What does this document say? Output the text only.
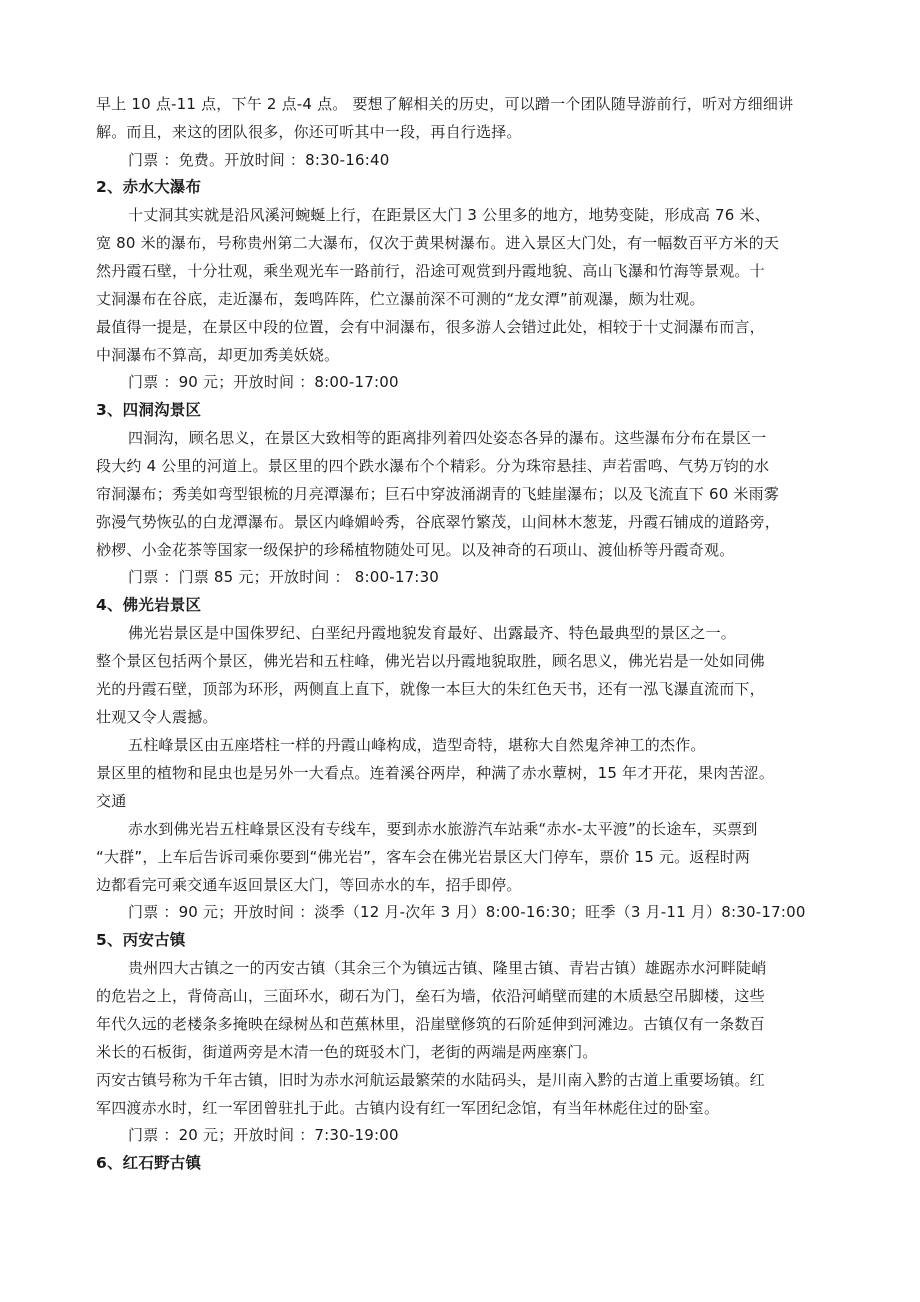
早上 10 点-11 点，下午 2 点-4 点。 要想了解相关的历史，可以蹭一个团队随导游前行，听对方细细讲

解。而且，来这的团队很多，你还可听其中一段，再自行选择。

门票 ：免费。开放时间 ：8:30-16:40

2、赤水大瀑布

十丈洞其实就是沿风溪河蜿蜒上行，在距景区大门 3 公里多的地方，地势变陡，形成高 76 米、

宽 80 米的瀑布，号称贵州第二大瀑布，仅次于黄果树瀑布。进入景区大门处，有一幅数百平方米的天

然丹霞石壁，十分壮观，乘坐观光车一路前行，沿途可观赏到丹霞地貌、高山飞瀑和竹海等景观。十

丈洞瀑布在谷底，走近瀑布，轰鸣阵阵，伫立瀑前深不可测的“龙女潭”前观瀑，颇为壮观。

最值得一提是，在景区中段的位置，会有中洞瀑布，很多游人会错过此处，相较于十丈洞瀑布而言，

中洞瀑布不算高，却更加秀美妖娆。

门票 ：90 元；开放时间 ：8:00-17:00

3、四洞沟景区

四洞沟，顾名思义，在景区大致相等的距离排列着四处姿态各异的瀑布。这些瀑布分布在景区一

段大约 4 公里的河道上。景区里的四个跌水瀑布个个精彩。分为珠帘悬挂、声若雷鸣、气势万钧的水

帘洞瀑布；秀美如弯型银梳的月亮潭瀑布；巨石中穿波涌湖青的飞蛙崖瀑布；以及飞流直下 60 米雨雾

弥漫气势恢弘的白龙潭瀑布。景区内峰媚岭秀，谷底翠竹繁茂，山间林木葱茏，丹霞石铺成的道路旁，

桫椤、小金花茶等国家一级保护的珍稀植物随处可见。以及神奇的石项山、渡仙桥等丹霞奇观。

门票 ：门票 85 元；开放时间 ： 8:00-17:30

4、佛光岩景区

佛光岩景区是中国侏罗纪、白垩纪丹霞地貌发育最好、出露最齐、特色最典型的景区之一。

整个景区包括两个景区，佛光岩和五柱峰，佛光岩以丹霞地貌取胜，顾名思义，佛光岩是一处如同佛

光的丹霞石壁，顶部为环形，两侧直上直下，就像一本巨大的朱红色天书，还有一泓飞瀑直流而下，

壮观又令人震撼。

五柱峰景区由五座塔柱一样的丹霞山峰构成，造型奇特，堪称大自然鬼斧神工的杰作。

景区里的植物和昆虫也是另外一大看点。连着溪谷两岸，种满了赤水蕈树，15 年才开花，果肉苦涩。

交通

赤水到佛光岩五柱峰景区没有专线车，要到赤水旅游汽车站乘“赤水-太平渡”的长途车，买票到

“大群”，上车后告诉司乘你要到“佛光岩”，客车会在佛光岩景区大门停车，票价 15 元。返程时两

边都看完可乘交通车返回景区大门，等回赤水的车，招手即停。

门票 ：90 元；开放时间 ：淡季（12 月-次年 3 月）8:00-16:30；旺季（3 月-11 月）8:30-17:00

5、丙安古镇

贵州四大古镇之一的丙安古镇（其余三个为镇远古镇、隆里古镇、青岩古镇）雄踞赤水河畔陡峭

的危岩之上，背倚高山，三面环水，砌石为门，垒石为墙，依沿河峭壁而建的木质悬空吊脚楼，这些

年代久远的老楼条多掩映在绿树丛和芭蕉林里，沿崖壁修筑的石阶延伸到河滩边。古镇仅有一条数百

米长的石板街，街道两旁是木清一色的斑驳木门，老街的两端是两座寨门。

丙安古镇号称为千年古镇，旧时为赤水河航运最繁荣的水陆码头，是川南入黔的古道上重要场镇。红

军四渡赤水时，红一军团曾驻扎于此。古镇内设有红一军团纪念馆，有当年林彪住过的卧室。

门票 ：20 元；开放时间 ：7:30-19:00

6、红石野古镇
